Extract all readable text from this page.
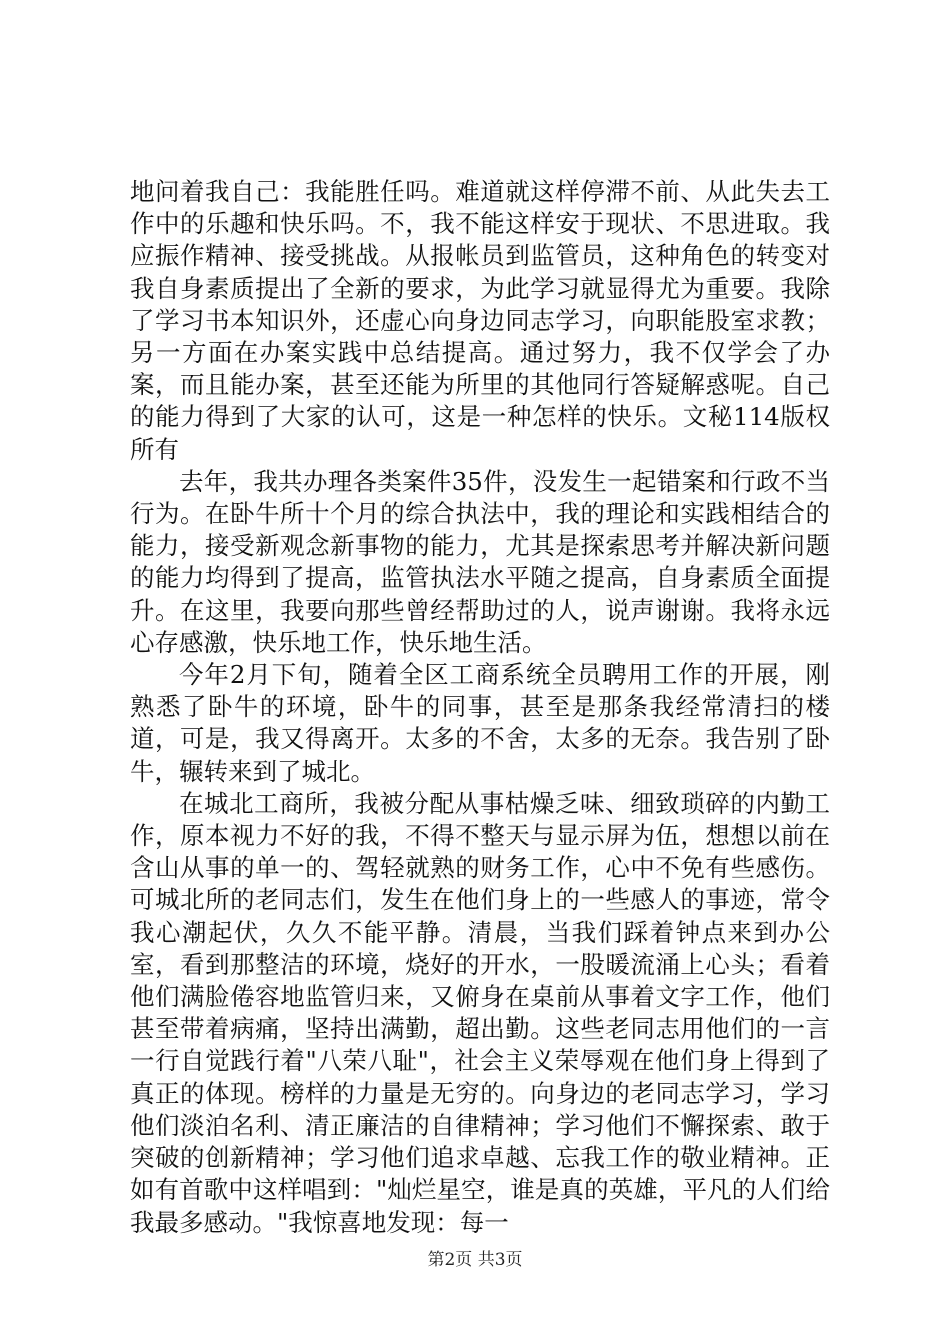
地问着我自己：我能胜任吗。难道就这样停滞不前、从此失去工作中的乐趣和快乐吗。不，我不能这样安于现状、不思进取。我应振作精神、接受挑战。从报帐员到监管员，这种角色的转变对我自身素质提出了全新的要求，为此学习就显得尤为重要。我除了学习书本知识外，还虚心向身边同志学习，向职能股室求教；另一方面在办案实践中总结提高。通过努力，我不仅学会了办案，而且能办案，甚至还能为所里的其他同行答疑解惑呢。自己的能力得到了大家的认可，这是一种怎样的快乐。文秘114版权所有

去年，我共办理各类案件35件，没发生一起错案和行政不当行为。在卧牛所十个月的综合执法中，我的理论和实践相结合的能力，接受新观念新事物的能力，尤其是探索思考并解决新问题的能力均得到了提高，监管执法水平随之提高，自身素质全面提升。在这里，我要向那些曾经帮助过的人，说声谢谢。我将永远心存感激，快乐地工作，快乐地生活。

今年2月下旬，随着全区工商系统全员聘用工作的开展，刚熟悉了卧牛的环境，卧牛的同事，甚至是那条我经常清扫的楼道，可是，我又得离开。太多的不舍，太多的无奈。我告别了卧牛，辗转来到了城北。

在城北工商所，我被分配从事枯燥乏味、细致琐碎的内勤工作，原本视力不好的我，不得不整天与显示屏为伍，想想以前在含山从事的单一的、驾轻就熟的财务工作，心中不免有些感伤。可城北所的老同志们，发生在他们身上的一些感人的事迹，常令我心潮起伏，久久不能平静。清晨，当我们踩着钟点来到办公室，看到那整洁的环境，烧好的开水，一股暖流涌上心头；看着他们满脸倦容地监管归来，又俯身在桌前从事着文字工作，他们甚至带着病痛，坚持出满勤，超出勤。这些老同志用他们的一言一行自觉践行着"八荣八耻"，社会主义荣辱观在他们身上得到了真正的体现。榜样的力量是无穷的。向身边的老同志学习，学习他们淡泊名利、清正廉洁的自律精神；学习他们不懈探索、敢于突破的创新精神；学习他们追求卓越、忘我工作的敬业精神。正如有首歌中这样唱到："灿烂星空，谁是真的英雄，平凡的人们给我最多感动。"我惊喜地发现：每一

第2页 共3页
